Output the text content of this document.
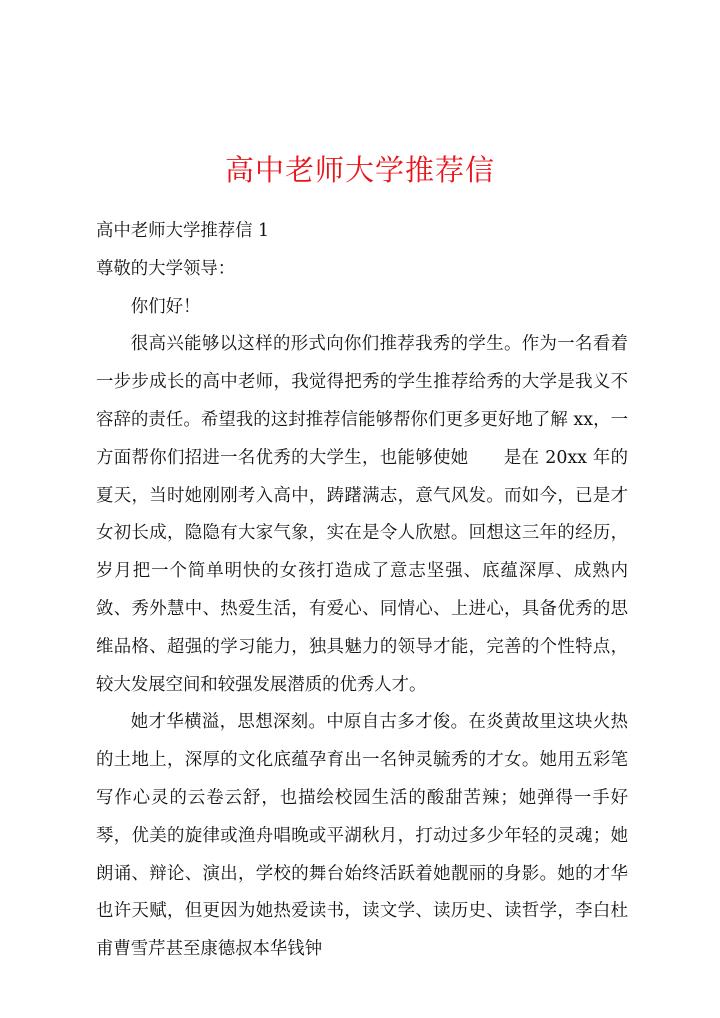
高中老师大学推荐信

高中老师大学推荐信 1

尊敬的大学领导：

你们好！

很高兴能够以这样的形式向你们推荐我秀的学生。作为一名看着一步步成长的高中老师，我觉得把秀的学生推荐给秀的大学是我义不容辞的责任。希望我的这封推荐信能够帮你们更多更好地了解 xx，一方面帮你们招进一名优秀的大学生，也能够使她　　是在 20xx 年的夏天，当时她刚刚考入高中，踌躇满志，意气风发。而如今，已是才女初长成，隐隐有大家气象，实在是令人欣慰。回想这三年的经历，岁月把一个简单明快的女孩打造成了意志坚强、底蕴深厚、成熟内敛、秀外慧中、热爱生活，有爱心、同情心、上进心，具备优秀的思维品格、超强的学习能力，独具魅力的领导才能，完善的个性特点，较大发展空间和较强发展潜质的优秀人才。

她才华横溢，思想深刻。中原自古多才俊。在炎黄故里这块火热的土地上，深厚的文化底蕴孕育出一名钟灵毓秀的才女。她用五彩笔写作心灵的云卷云舒，也描绘校园生活的酸甜苦辣；她弹得一手好琴，优美的旋律或渔舟唱晚或平湖秋月，打动过多少年轻的灵魂；她朗诵、辩论、演出，学校的舞台始终活跃着她靓丽的身影。她的才华也许天赋，但更因为她热爱读书，读文学、读历史、读哲学，李白杜甫曹雪芹甚至康德叔本华钱钟
